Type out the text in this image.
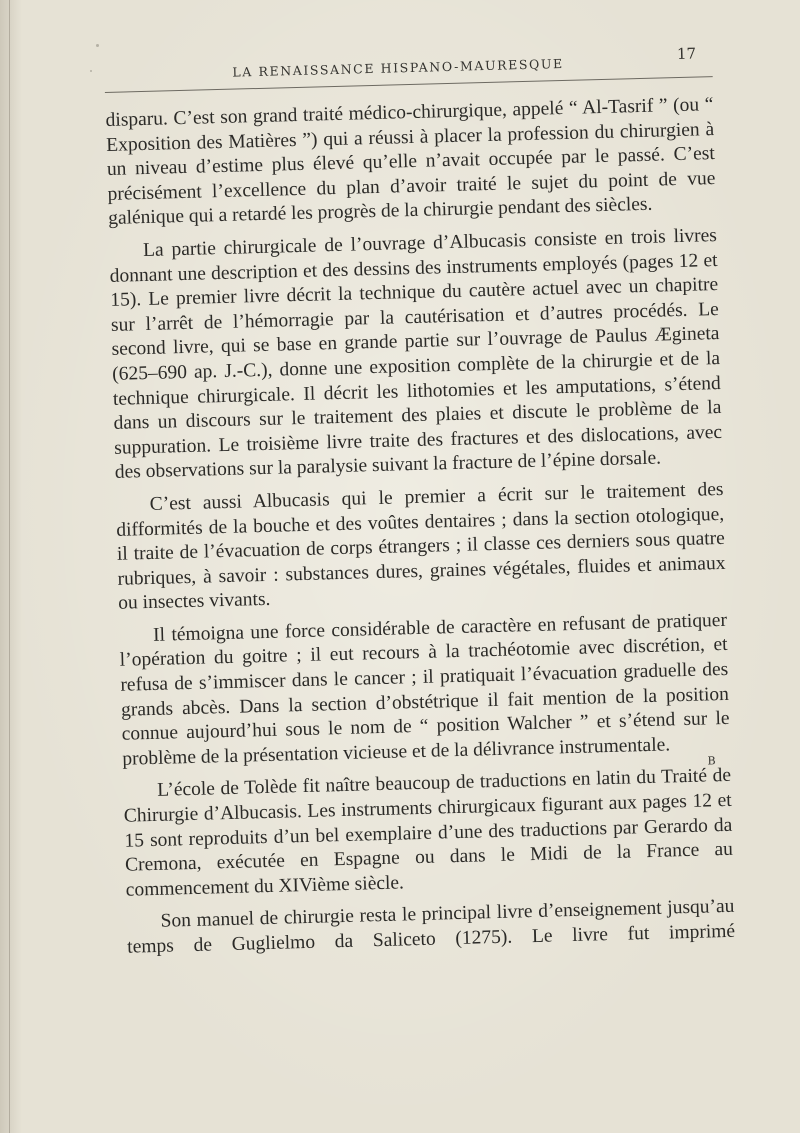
LA RENAISSANCE HISPANO-MAURESQUE
17

disparu. C’est son grand traité médico-chirurgique, appelé “ Al-Tasrif ” (ou “ Exposition des Matières ”) qui a réussi à placer la profession du chirurgien à un niveau d’estime plus élevé qu’elle n’avait occupée par le passé. C’est précisément l’excellence du plan d’avoir traité le sujet du point de vue galénique qui a retardé les progrès de la chirurgie pendant des siècles.

La partie chirurgicale de l’ouvrage d’Albucasis consiste en trois livres donnant une description et des dessins des instruments employés (pages 12 et 15). Le premier livre décrit la technique du cautère actuel avec un chapitre sur l’arrêt de l’hémorragie par la cautérisation et d’autres procédés. Le second livre, qui se base en grande partie sur l’ouvrage de Paulus Ægineta (625–690 ap. J.-C.), donne une exposition complète de la chirurgie et de la technique chirurgicale. Il décrit les lithotomies et les amputations, s’étend dans un discours sur le traitement des plaies et discute le problème de la suppuration. Le troisième livre traite des fractures et des dislocations, avec des observations sur la paralysie suivant la fracture de l’épine dorsale.

C’est aussi Albucasis qui le premier a écrit sur le traitement des difformités de la bouche et des voûtes dentaires ; dans la section otologique, il traite de l’évacuation de corps étrangers ; il classe ces derniers sous quatre rubriques, à savoir : substances dures, graines végétales, fluides et animaux ou insectes vivants.

Il témoigna une force considérable de caractère en refusant de pratiquer l’opération du goitre ; il eut recours à la trachéotomie avec discrétion, et refusa de s’immiscer dans le cancer ; il pratiquait l’évacuation graduelle des grands abcès. Dans la section d’obstétrique il fait mention de la position connue aujourd’hui sous le nom de “ position Walcher ” et s’étend sur le problème de la présentation vicieuse et de la délivrance instrumentale.

L’école de Tolède fit naître beaucoup de traductions en latin du Traité de Chirurgie d’Albucasis. Les instruments chirurgicaux figurant aux pages 12 et 15 sont reproduits d’un bel exemplaire d’une des traductions par Gerardo da Cremona, exécutée en Espagne ou dans le Midi de la France au commencement du XIVième siècle.

Son manuel de chirurgie resta le principal livre d’enseignement jusqu’au temps de Guglielmo da Saliceto (1275). Le livre fut imprimé

B
